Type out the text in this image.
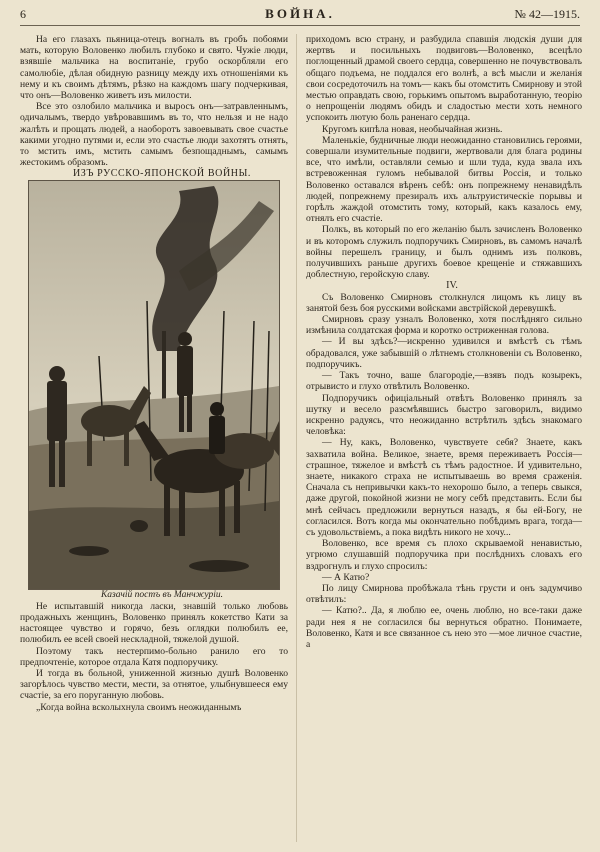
6	ВОЙНА.	№ 42—1915.

На его глазахъ пьяница-отецъ вогналъ въ гробъ побоями мать, которую Воловенко любилъ глубоко и свято. Чужіе люди, взявшіе мальчика на воспитаніе, грубо оскорбляли его самолюбіе, дѣлая обидную разницу между ихъ отношеніями къ нему и къ своимъ дѣтямъ, рѣзко на каждомъ шагу подчеркивая, что онъ—Воловенко живетъ изъ милости.

Все это озлобило мальчика и выросъ онъ—затравленнымъ, одичалымъ, твердо увѣровавшимъ въ то, что нельзя и не надо жалѣть и прощать людей, а наоборотъ завоевывать свое счастье какими угодно путями и, если это счастье люди захотятъ отнять, то мстить имъ, мстить самымъ безпощаднымъ, самымъ жестокимъ образомъ.

ИЗЪ РУССКО-ЯПОНСКОЙ ВОЙНЫ.

Казачій постъ въ Манчжуріи.

Не испытавшій никогда ласки, знавшій только любовь продажныхъ женщинъ, Воловенко принялъ кокетство Кати за настоящее чувство и горячо, безъ оглядки полюбилъ ее, полюбилъ ее всей своей нескладной, тяжелой душой.

Поэтому такъ нестерпимо-больно ранило его то предпочтеніе, которое отдала Катя подпоручику.

И тогда въ больной, униженной жизнью душѣ Воловенко загорѣлось чувство мести, мести, за отнятое, улыбнувшееся ему счастіе, за его поруганную любовь.

„Когда война всколыхнула своимъ неожиданнымъ

приходомъ всю страну, и разбудила спавшія людскія души для жертвъ и посильныхъ подвиговъ—Воловенко, всецѣло поглощенный драмой своего сердца, совершенно не почувствовалъ общаго подъема, не поддался его волнѣ, а всѣ мысли и желанія свои сосредоточилъ на томъ— какъ бы отомстить Смирнову и этой местью оправдать свою, горькимъ опытомъ выработанную, теорію о непрощеніи людямъ обидъ и сладостью мести хоть немного успокоить лютую боль раненаго сердца.

Кругомъ кипѣла новая, необычайная жизнь.

Маленькіе, будничные люди неожиданно становились героями, совершали изумительные подвиги, жертвовали для блага родины все, что имѣли, оставляли семью и шли туда, куда звала ихъ встревоженная гуломъ небывалой битвы Россія, и только Воловенко оставался вѣренъ себѣ: онъ попрежнему ненавидѣлъ людей, попрежнему презиралъ ихъ альтруистическіе порывы и горѣлъ жаждой отомстить тому, который, какъ казалось ему, отнялъ его счастіе.

Полкъ, въ который по его желанію былъ зачисленъ Воловенко и въ которомъ служилъ подпоручикъ Смирновъ, въ самомъ началѣ войны перешелъ границу, и былъ однимъ изъ полковъ, получившихъ раньше другихъ боевое крещеніе и стяжавшихъ доблестную, геройскую славу.

IV.

Съ Воловенко Смирновъ столкнулся лицомъ къ лицу въ занятой безъ боя русскими войсками австрійской деревушкѣ.

Смирновъ сразу узналъ Воловенко, хотя послѣдняго сильно измѣнила солдатская форма и коротко остриженная голова.

— И вы здѣсь?—искренно удивился и вмѣстѣ съ тѣмъ обрадовался, уже забывшій о лѣтнемъ столкновеніи съ Воловенко, подпоручикъ.

— Такъ точно, ваше благородіе,—взявъ подъ козырекъ, отрывисто и глухо отвѣтилъ Воловенко.

Подпоручикъ офиціальный отвѣтъ Воловенко принялъ за шутку и весело разсмѣявшись быстро заговорилъ, видимо искренно радуясь, что неожиданно встрѣтилъ здѣсь знакомаго человѣка:

— Ну, какъ, Воловенко, чувствуете себя? Знаете, какъ захватила война. Великое, знаете, время переживаетъ Россія—страшное, тяжелое и вмѣстѣ съ тѣмъ радостное. И удивительно, знаете, никакого страха не испытываешь во время сраженія. Сначала съ непривычки какъ-то нехорошо было, а теперь свыкся, даже другой, покойной жизни не могу себѣ представить. Если бы мнѣ сейчасъ предложили вернуться назадъ, я бы ей-Богу, не согласился. Вотъ когда мы окончательно побѣдимъ врага, тогда—съ удовольствіемъ, а пока видѣть никого не хочу...

Воловенко, все время съ плохо скрываемой ненавистью, угрюмо слушавшій подпоручика при послѣднихъ словахъ его вздрогнулъ и глухо спросилъ:

— А Катю?

По лицу Смирнова пробѣжала тѣнь грусти и онъ задумчиво отвѣтилъ:

— Катю?.. Да, я люблю ее, очень люблю, но все-таки даже ради нея я не согласился бы вернуться обратно. Понимаете, Воловенко, Катя и все связанное съ нею это —мое личное счастие, а
